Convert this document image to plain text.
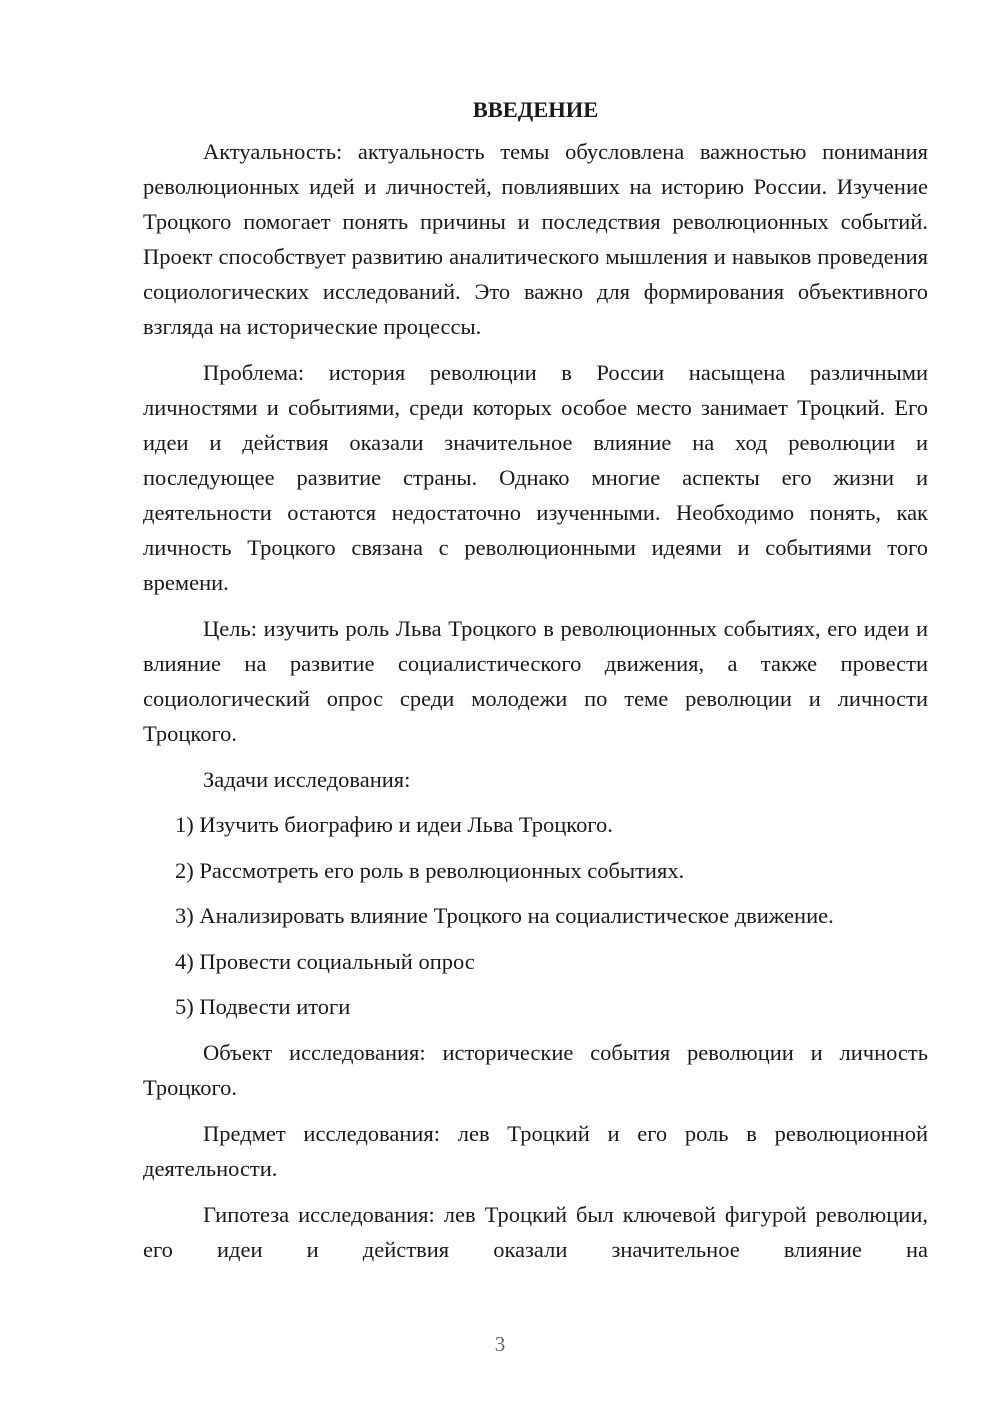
ВВЕДЕНИЕ

Актуальность: актуальность темы обусловлена важностью понимания революционных идей и личностей, повлиявших на историю России. Изучение Троцкого помогает понять причины и последствия революционных событий. Проект способствует развитию аналитического мышления и навыков проведения социологических исследований. Это важно для формирования объективного взгляда на исторические процессы.

Проблема: история революции в России насыщена различными личностями и событиями, среди которых особое место занимает Троцкий. Его идеи и действия оказали значительное влияние на ход революции и последующее развитие страны. Однако многие аспекты его жизни и деятельности остаются недостаточно изученными. Необходимо понять, как личность Троцкого связана с революционными идеями и событиями того времени.

Цель: изучить роль Льва Троцкого в революционных событиях, его идеи и влияние на развитие социалистического движения, а также провести социологический опрос среди молодежи по теме революции и личности Троцкого.

Задачи исследования:
1) Изучить биографию и идеи Льва Троцкого.
2) Рассмотреть его роль в революционных событиях.
3) Анализировать влияние Троцкого на социалистическое движение.
4) Провести социальный опрос
5) Подвести итоги

Объект исследования: исторические события революции и личность Троцкого.

Предмет исследования: лев Троцкий и его роль в революционной деятельности.

Гипотеза исследования: лев Троцкий был ключевой фигурой революции, его идеи и действия оказали значительное влияние на

3
